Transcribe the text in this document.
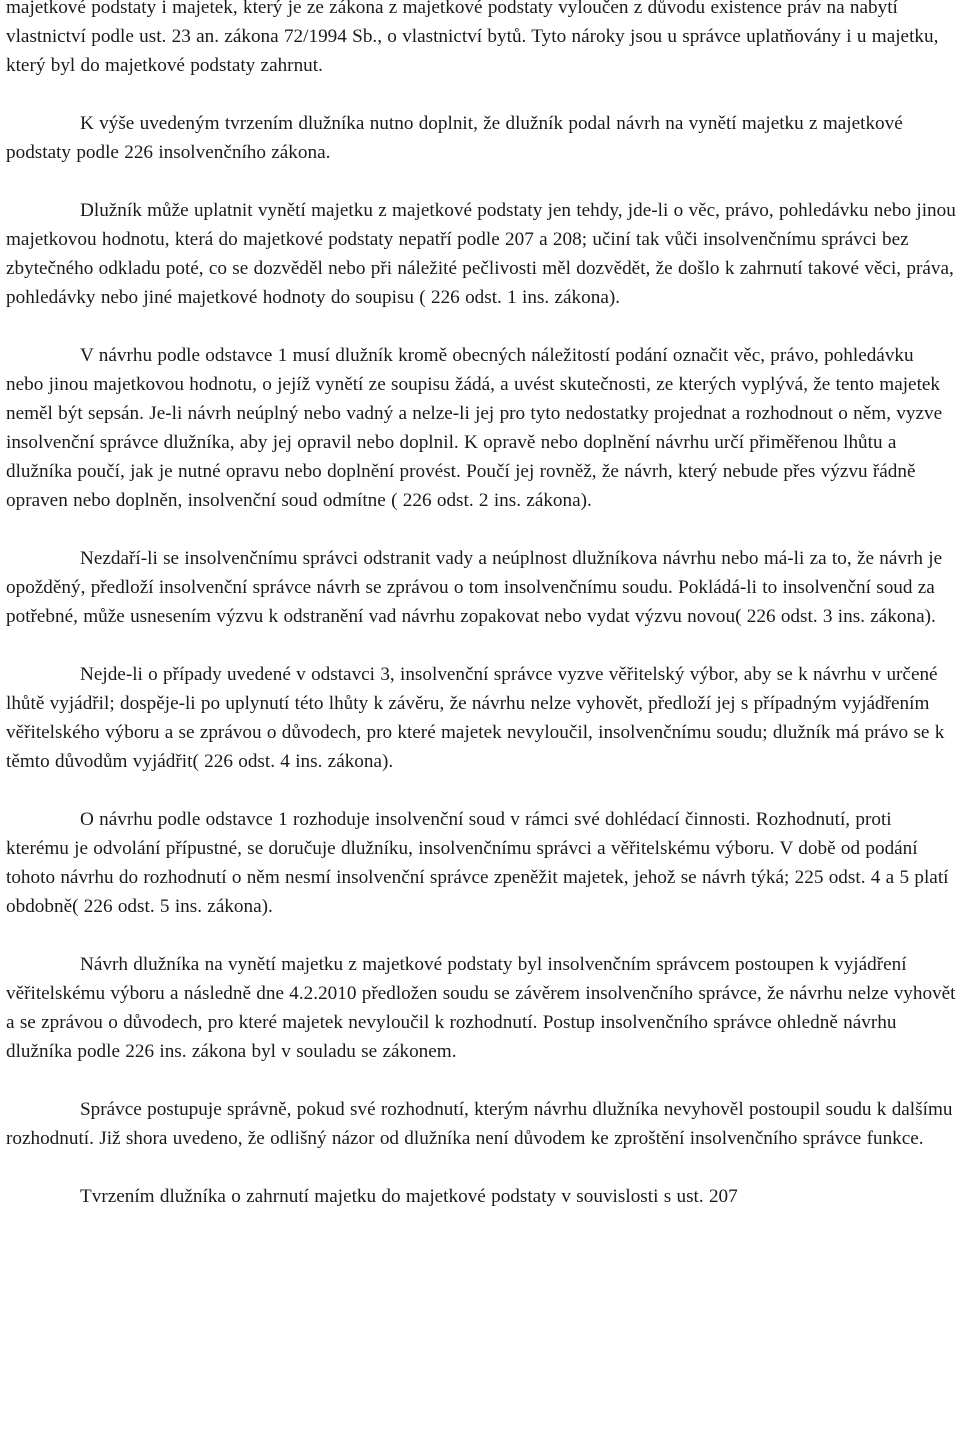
majetkové podstaty i majetek, který je ze zákona z majetkové podstaty vyloučen z důvodu existence práv na nabytí vlastnictví podle ust. 23 an. zákona 72/1994 Sb., o vlastnictví bytů. Tyto nároky jsou u správce uplatňovány i u majetku, který byl do majetkové podstaty zahrnut.

K výše uvedeným tvrzením dlužníka nutno doplnit, že dlužník podal návrh na vynětí majetku z majetkové podstaty podle 226 insolvenčního zákona.

Dlužník může uplatnit vynětí majetku z majetkové podstaty jen tehdy, jde-li o věc, právo, pohledávku nebo jinou majetkovou hodnotu, která do majetkové podstaty nepatří podle 207 a 208; učiní tak vůči insolvenčnímu správci bez zbytečného odkladu poté, co se dozvěděl nebo při náležité pečlivosti měl dozvědět, že došlo k zahrnutí takové věci, práva, pohledávky nebo jiné majetkové hodnoty do soupisu ( 226 odst. 1 ins. zákona).

V návrhu podle odstavce 1 musí dlužník kromě obecných náležitostí podání označit věc, právo, pohledávku nebo jinou majetkovou hodnotu, o jejíž vynětí ze soupisu žádá, a uvést skutečnosti, ze kterých vyplývá, že tento majetek neměl být sepsán. Je-li návrh neúplný nebo vadný a nelze-li jej pro tyto nedostatky projednat a rozhodnout o něm, vyzve insolvenční správce dlužníka, aby jej opravil nebo doplnil. K opravě nebo doplnění návrhu určí přiměřenou lhůtu a dlužníka poučí, jak je nutné opravu nebo doplnění provést. Poučí jej rovněž, že návrh, který nebude přes výzvu řádně opraven nebo doplněn, insolvenční soud odmítne ( 226 odst. 2 ins. zákona).

Nezdaří-li se insolvenčnímu správci odstranit vady a neúplnost dlužníkova návrhu nebo má-li za to, že návrh je opožděný, předloží insolvenční správce návrh se zprávou o tom insolvenčnímu soudu. Pokládá-li to insolvenční soud za potřebné, může usnesením výzvu k odstranění vad návrhu zopakovat nebo vydat výzvu novou( 226 odst. 3 ins. zákona).

Nejde-li o případy uvedené v odstavci 3, insolvenční správce vyzve věřitelský výbor, aby se k návrhu v určené lhůtě vyjádřil; dospěje-li po uplynutí této lhůty k závěru, že návrhu nelze vyhovět, předloží jej s případným vyjádřením věřitelského výboru a se zprávou o důvodech, pro které majetek nevyloučil, insolvenčnímu soudu; dlužník má právo se k těmto důvodům vyjádřit( 226 odst. 4 ins. zákona).

O návrhu podle odstavce 1 rozhoduje insolvenční soud v rámci své dohlédací činnosti. Rozhodnutí, proti kterému je odvolání přípustné, se doručuje dlužníku, insolvenčnímu správci a věřitelskému výboru. V době od podání tohoto návrhu do rozhodnutí o něm nesmí insolvenční správce zpeněžit majetek, jehož se návrh týká; 225 odst. 4 a 5 platí obdobně( 226 odst. 5 ins. zákona).

Návrh dlužníka na vynětí majetku z majetkové podstaty byl insolvenčním správcem postoupen k vyjádření věřitelskému výboru a následně dne 4.2.2010 předložen soudu se závěrem insolvenčního správce, že návrhu nelze vyhovět a se zprávou o důvodech, pro které majetek nevyloučil k rozhodnutí. Postup insolvenčního správce ohledně návrhu dlužníka podle 226 ins. zákona byl v souladu se zákonem.

Správce postupuje správně, pokud své rozhodnutí, kterým návrhu dlužníka nevyhověl postoupil soudu k dalšímu rozhodnutí. Již shora uvedeno, že odlišný názor od dlužníka není důvodem ke zproštění insolvenčního správce funkce.

Tvrzením dlužníka o zahrnutí majetku do majetkové podstaty v souvislosti s ust. 207
